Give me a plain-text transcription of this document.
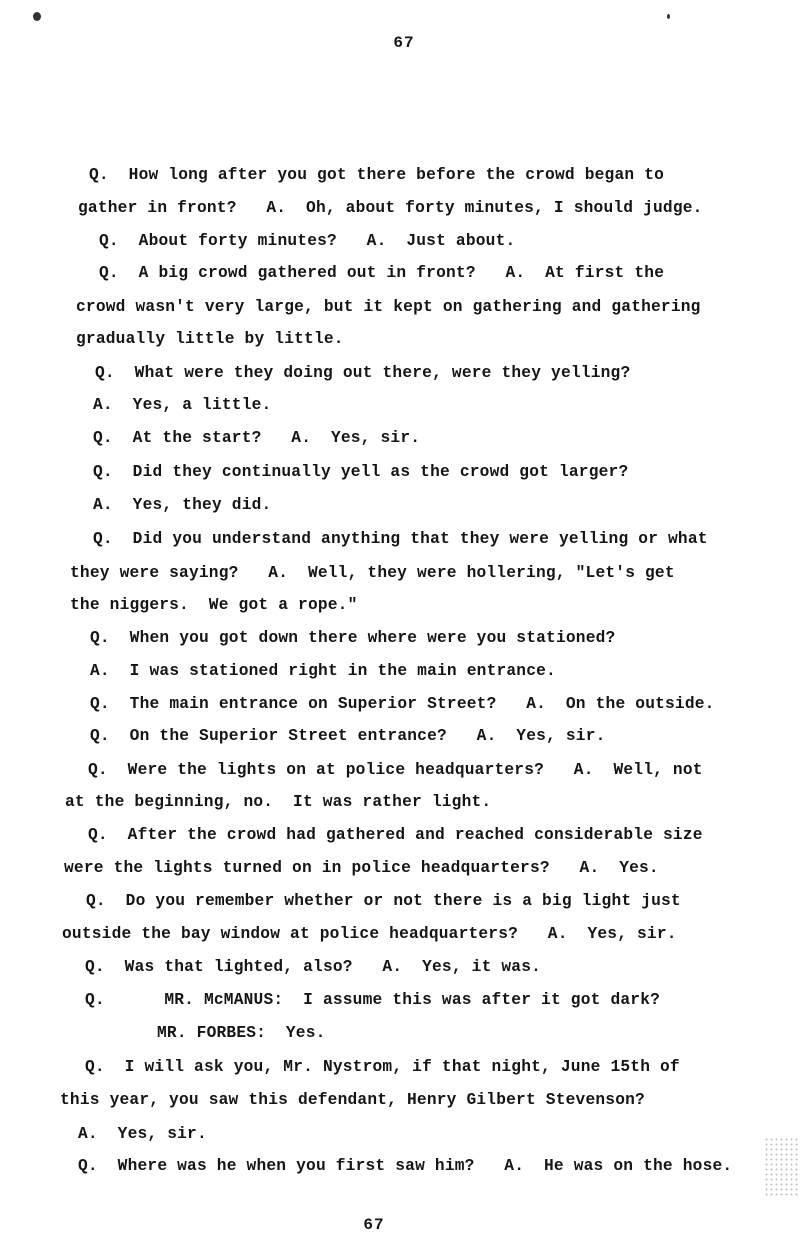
67
Q.  How long after you got there before the crowd began to
gather in front?   A.  Oh, about forty minutes, I should judge.
Q.  About forty minutes?   A.  Just about.
Q.  A big crowd gathered out in front?   A.  At first the
crowd wasn't very large, but it kept on gathering and gathering
gradually little by little.
Q.  What were they doing out there, were they yelling?
A.  Yes, a little.
Q.  At the start?   A.  Yes, sir.
Q.  Did they continually yell as the crowd got larger?
A.  Yes, they did.
Q.  Did you understand anything that they were yelling or what
they were saying?   A.  Well, they were hollering, "Let's get
the niggers.  We got a rope."
Q.  When you got down there where were you stationed?
A.  I was stationed right in the main entrance.
Q.  The main entrance on Superior Street?   A.  On the outside.
Q.  On the Superior Street entrance?   A.  Yes, sir.
Q.  Were the lights on at police headquarters?   A.  Well, not
at the beginning, no.  It was rather light.
Q.  After the crowd had gathered and reached considerable size
were the lights turned on in police headquarters?   A.  Yes.
Q.  Do you remember whether or not there is a big light just
outside the bay window at police headquarters?   A.  Yes, sir.
Q.  Was that lighted, also?   A.  Yes, it was.
Q.      MR. McMANUS:  I assume this was after it got dark?
MR. FORBES:  Yes.
Q.  I will ask you, Mr. Nystrom, if that night, June 15th of
this year, you saw this defendant, Henry Gilbert Stevenson?
A.  Yes, sir.
Q.  Where was he when you first saw him?   A.  He was on the hose.
67
